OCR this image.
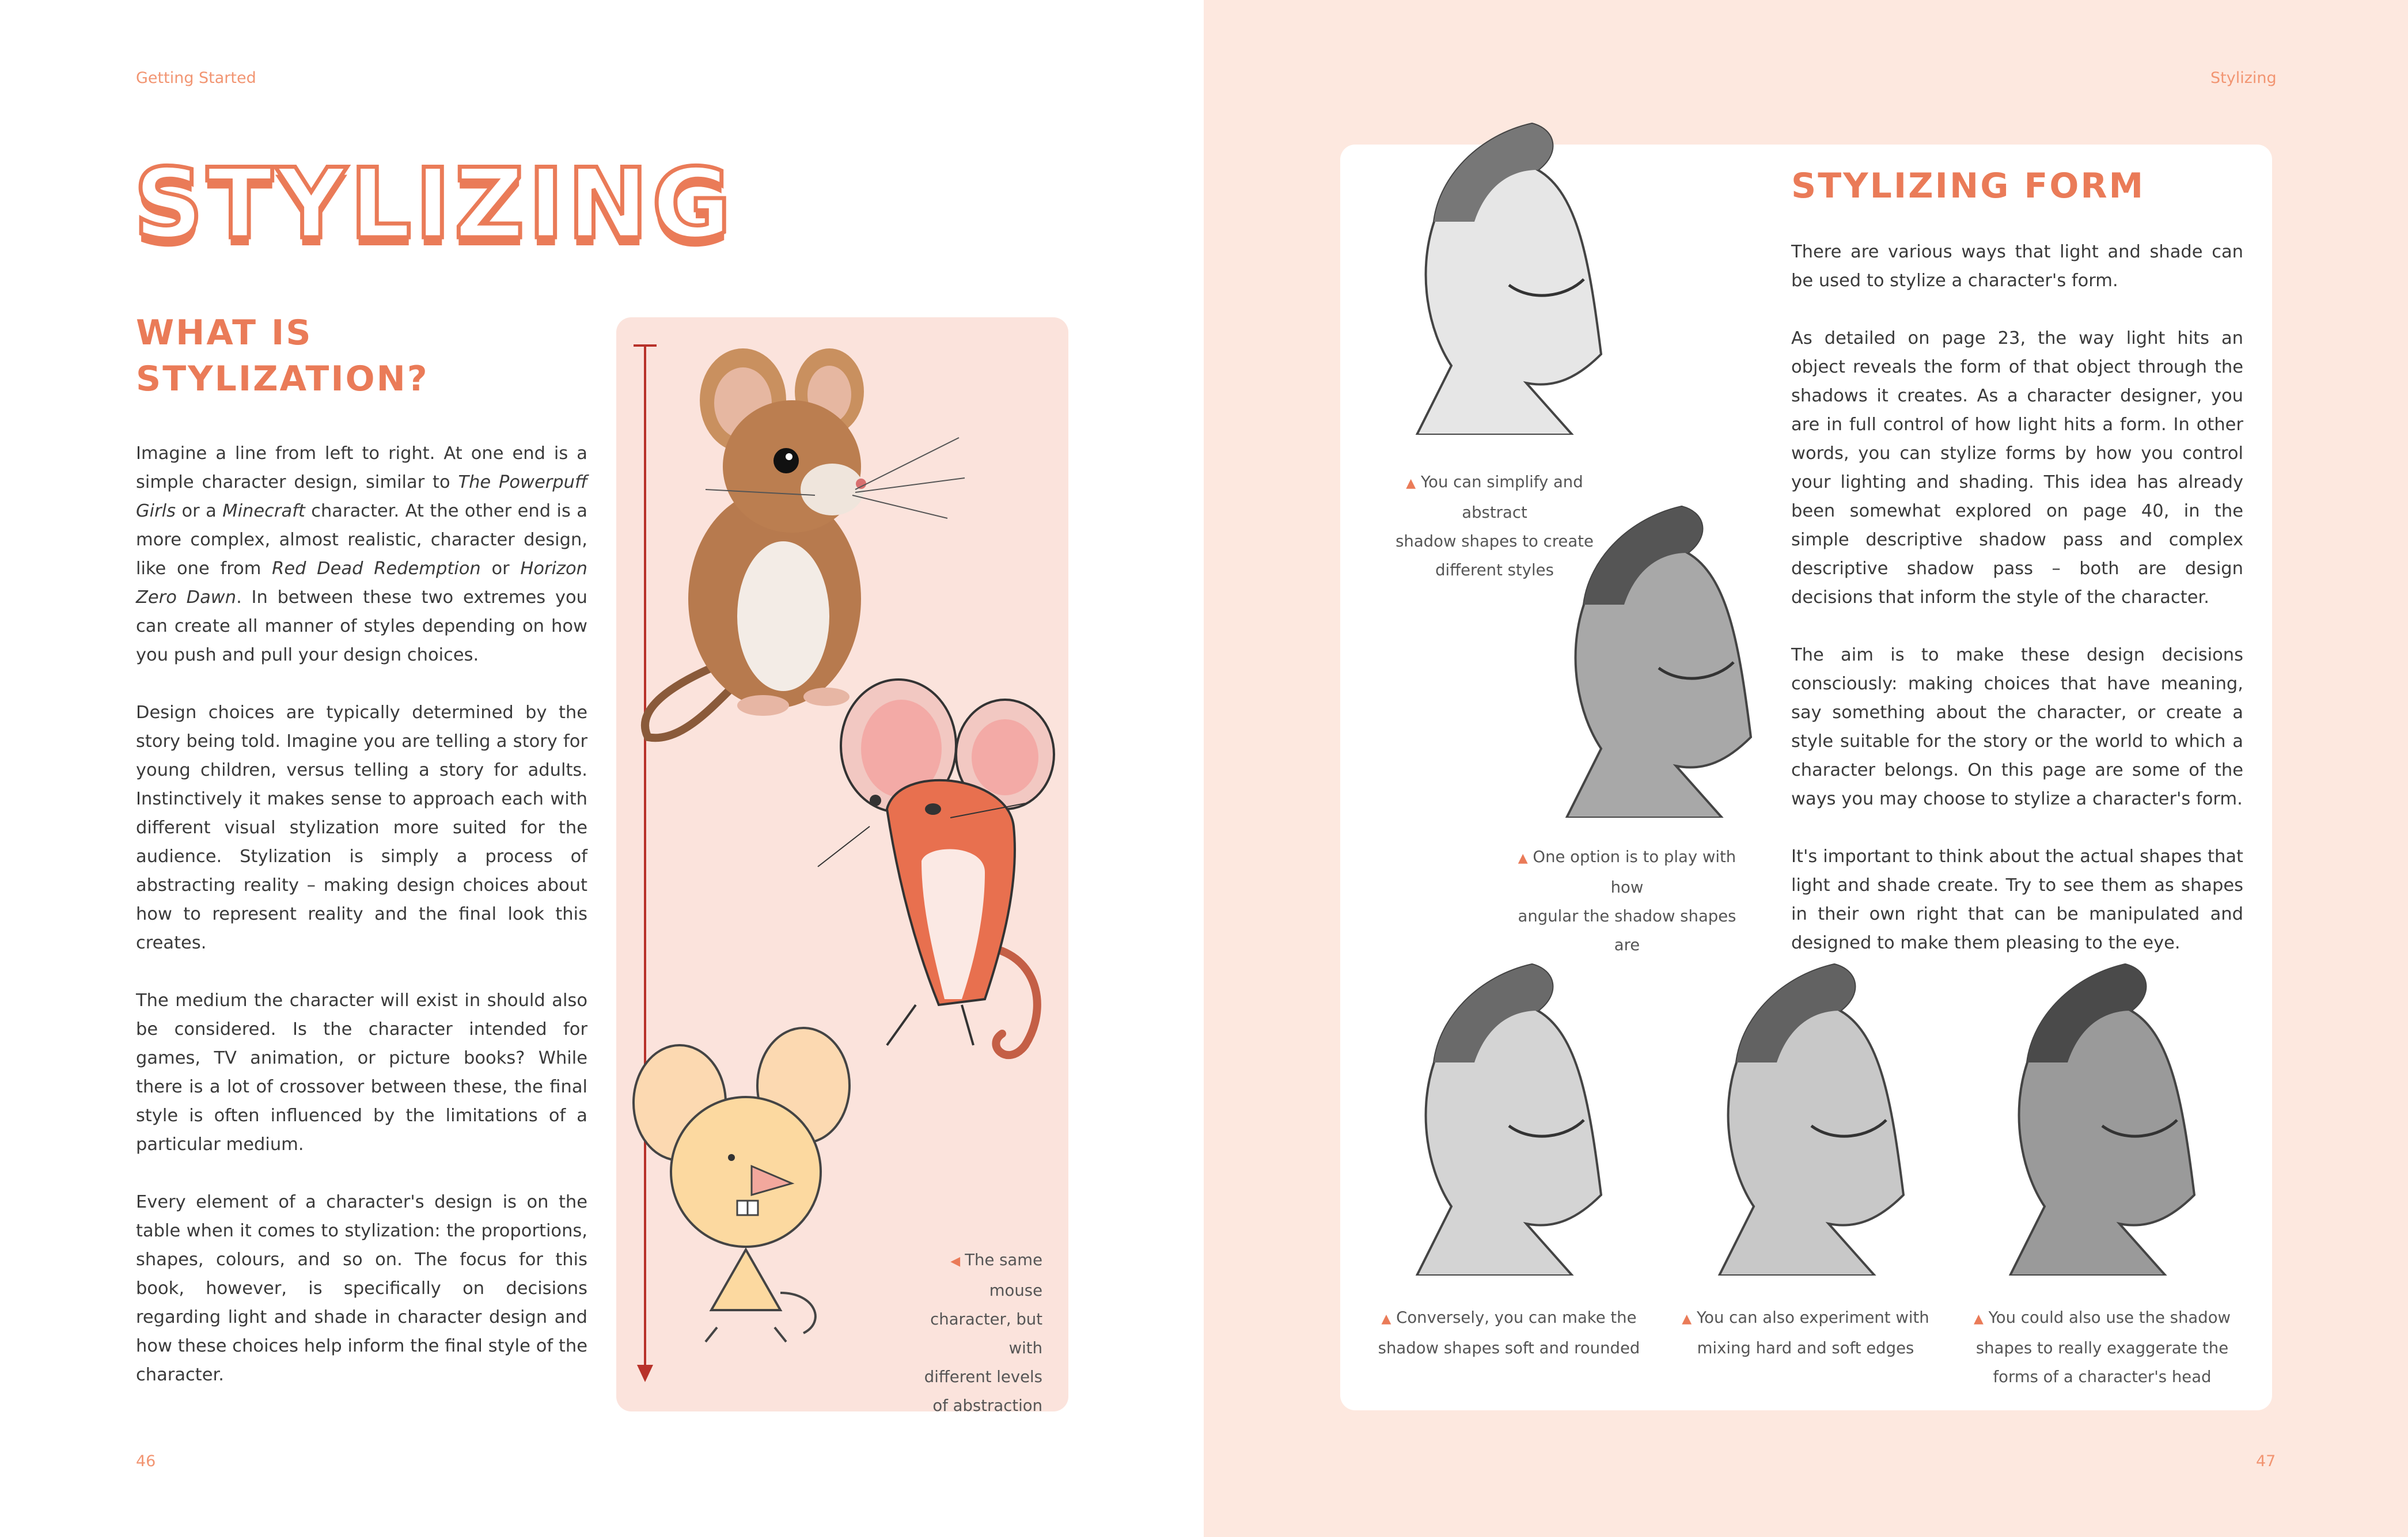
Getting Started
STYLIZING
WHAT IS
STYLIZATION?

Imagine a line from left to right. At one end is a simple character design, similar to The Powerpuff Girls or a Minecraft character. At the other end is a more complex, almost realistic, character design, like one from Red Dead Redemption or Horizon Zero Dawn. In between these two extremes you can create all manner of styles depending on how you push and pull your design choices.

Design choices are typically determined by the story being told. Imagine you are telling a story for young children, versus telling a story for adults. Instinctively it makes sense to approach each with different visual stylization more suited for the audience. Stylization is simply a process of abstracting reality – making design choices about how to represent reality and the final look this creates.

The medium the character will exist in should also be considered. Is the character intended for games, TV animation, or picture books? While there is a lot of crossover between these, the final style is often influenced by the limitations of a particular medium.

Every element of a character's design is on the table when it comes to stylization: the proportions, shapes, colours, and so on. The focus for this book, however, is specifically on decisions regarding light and shade in character design and how these choices help inform the final style of the character.

◀ The same mouse
character, but with
different levels
of abstraction
46
Stylizing
▲ You can simplify and abstract
shadow shapes to create
different styles
▲ One option is to play with how
angular the shadow shapes are
STYLIZING FORM

There are various ways that light and shade can be used to stylize a character's form.

As detailed on page 23, the way light hits an object reveals the form of that object through the shadows it creates. As a character designer, you are in full control of how light hits a form. In other words, you can stylize forms by how you control your lighting and shading. This idea has already been somewhat explored on page 40, in the simple descriptive shadow pass and complex descriptive shadow pass – both are design decisions that inform the style of the character.

The aim is to make these design decisions consciously: making choices that have meaning, say something about the character, or create a style suitable for the story or the world to which a character belongs. On this page are some of the ways you may choose to stylize a character's form.

It's important to think about the actual shapes that light and shade create. Try to see them as shapes in their own right that can be manipulated and designed to make them pleasing to the eye.

▲ Conversely, you can make the
shadow shapes soft and rounded
▲ You can also experiment with
mixing hard and soft edges
▲ You could also use the shadow
shapes to really exaggerate the
forms of a character's head
47
